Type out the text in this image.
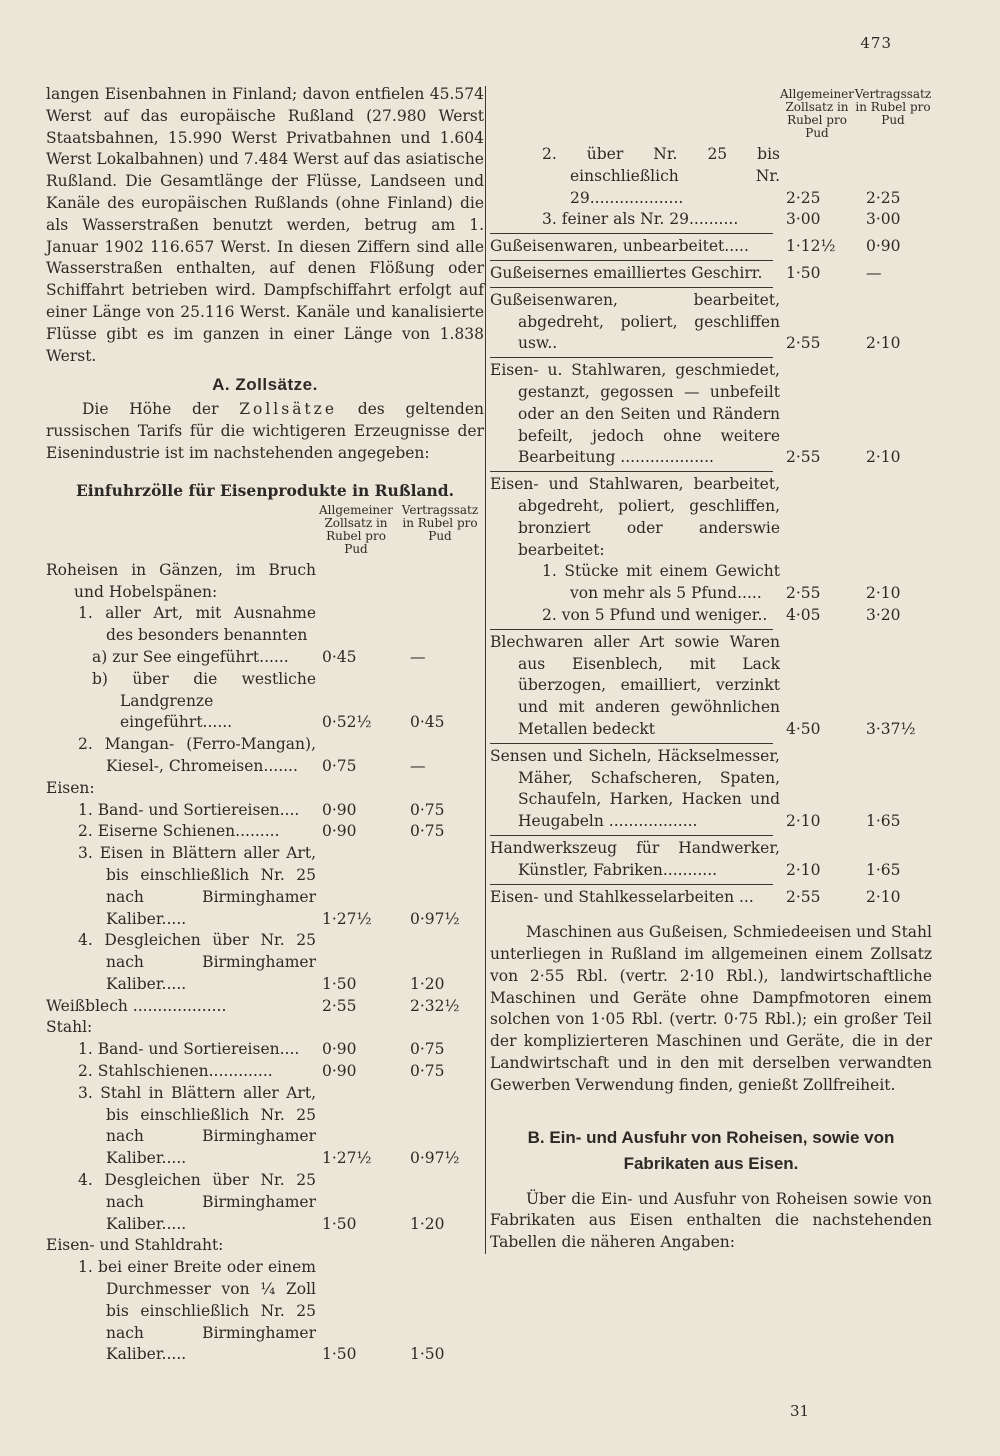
473

langen Eisenbahnen in Finland; davon entfielen 45.574 Werst auf das europäische Rußland (27.980 Werst Staatsbahnen, 15.990 Werst Privatbahnen und 1.604 Werst Lokalbahnen) und 7.484 Werst auf das asiatische Rußland. Die Gesamtlänge der Flüsse, Landseen und Kanäle des europäischen Rußlands (ohne Finland) die als Wasserstraßen benutzt werden, betrug am 1. Januar 1902 116.657 Werst. In diesen Ziffern sind alle Wasserstraßen enthalten, auf denen Flößung oder Schiffahrt betrieben wird. Dampfschiffahrt erfolgt auf einer Länge von 25.116 Werst. Kanäle und kanalisierte Flüsse gibt es im ganzen in einer Länge von 1.838 Werst.

A. Zollsätze.

Die Höhe der Zollsätze des geltenden russischen Tarifs für die wichtigeren Erzeugnisse der Eisenindustrie ist im nachstehenden angegeben:

Einfuhrzölle für Eisenprodukte in Rußland.
Allgemeiner Zollsatz in Rubel pro Pud
Vertragssatz in Rubel pro Pud
Roheisen in Gänzen, im Bruch und Hobelspänen:
1. aller Art, mit Ausnahme des besonders benannten
a) zur See eingeführt......	0·45	—
b) über die westliche Landgrenze eingeführt......	0·52½	0·45
2. Mangan- (Ferro-Mangan), Kiesel-, Chromeisen.......	0·75	—
Eisen:
1. Band- und Sortiereisen....	0·90	0·75
2. Eiserne Schienen.........	0·90	0·75
3. Eisen in Blättern aller Art, bis einschließlich Nr. 25 nach Birminghamer Kaliber.....	1·27½	0·97½
4. Desgleichen über Nr. 25 nach Birminghamer Kaliber.....	1·50	1·20
Weißblech ...................	2·55	2·32½
Stahl:
1. Band- und Sortiereisen....	0·90	0·75
2. Stahlschienen.............	0·90	0·75
3. Stahl in Blättern aller Art, bis einschließlich Nr. 25 nach Birminghamer Kaliber.....	1·27½	0·97½
4. Desgleichen über Nr. 25 nach Birminghamer Kaliber.....	1·50	1·20
Eisen- und Stahldraht:
1. bei einer Breite oder einem Durchmesser von ¼ Zoll bis einschließlich Nr. 25 nach Birminghamer Kaliber.....	1·50	1·50
Allgemeiner Zollsatz in Rubel pro Pud
Vertragssatz in Rubel pro Pud
2. über Nr. 25 bis einschließlich Nr. 29...................	2·25	2·25
3. feiner als Nr. 29..........	3·00	3·00
Gußeisenwaren, unbearbeitet.....	1·12½	0·90
Gußeisernes emailliertes Geschirr.	1·50	—
Gußeisenwaren, bearbeitet, abgedreht, poliert, geschliffen usw..	2·55	2·10
Eisen- u. Stahlwaren, geschmiedet, gestanzt, gegossen — unbefeilt oder an den Seiten und Rändern befeilt, jedoch ohne weitere Bearbeitung ...................	2·55	2·10
Eisen- und Stahlwaren, bearbeitet, abgedreht, poliert, geschliffen, bronziert oder anderswie bearbeitet:
1. Stücke mit einem Gewicht von mehr als 5 Pfund.....	2·55	2·10
2. von 5 Pfund und weniger..	4·05	3·20
Blechwaren aller Art sowie Waren aus Eisenblech, mit Lack überzogen, emailliert, verzinkt und mit anderen gewöhnlichen Metallen bedeckt	4·50	3·37½
Sensen und Sicheln, Häckselmesser, Mäher, Schafscheren, Spaten, Schaufeln, Harken, Hacken und Heugabeln ..................	2·10	1·65
Handwerkszeug für Handwerker, Künstler, Fabriken...........	2·10	1·65
Eisen- und Stahlkesselarbeiten ...	2·55	2·10

Maschinen aus Gußeisen, Schmiedeeisen und Stahl unterliegen in Rußland im allgemeinen einem Zollsatz von 2·55 Rbl. (vertr. 2·10 Rbl.), landwirtschaftliche Maschinen und Geräte ohne Dampfmotoren einem solchen von 1·05 Rbl. (vertr. 0·75 Rbl.); ein großer Teil der komplizierteren Maschinen und Geräte, die in der Landwirtschaft und in den mit derselben verwandten Gewerben Verwendung finden, genießt Zollfreiheit.

B. Ein- und Ausfuhr von Roheisen, sowie von Fabrikaten aus Eisen.

Über die Ein- und Ausfuhr von Roheisen sowie von Fabrikaten aus Eisen enthalten die nachstehenden Tabellen die näheren Angaben:

31
